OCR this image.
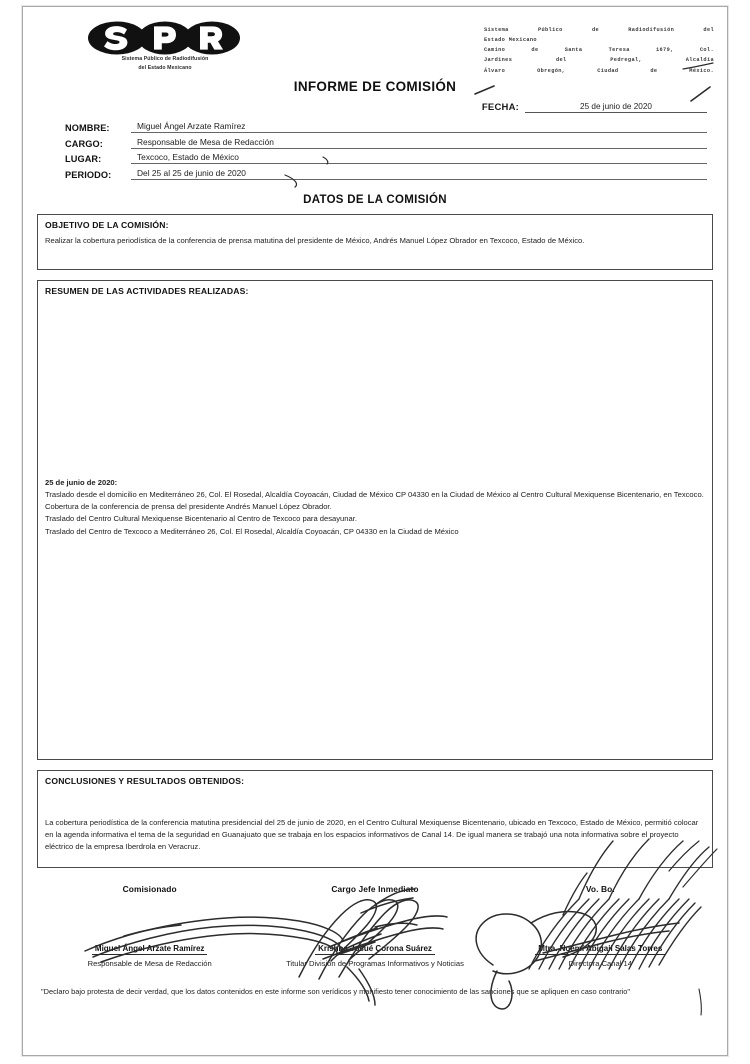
Sistema Público de Radiodifusión
del Estado Mexicano
Sistema Público de Radiodifusión del
Estado Mexicano
Camino de Santa Teresa 1679, Col.
Jardines del Pedregal, Alcaldía
Álvaro Obregón, Ciudad de México.
INFORME DE COMISIÓN
FECHA:	25 de junio de 2020
NOMBRE:	Miguel Ángel Arzate Ramírez
CARGO:	Responsable de Mesa de Redacción
LUGAR:	Texcoco, Estado de México
PERIODO:	Del 25 al 25 de junio de 2020
DATOS DE LA COMISIÓN
OBJETIVO DE LA COMISIÓN:

Realizar la cobertura periodística de la conferencia de prensa matutina del presidente de México, Andrés Manuel López Obrador en Texcoco, Estado de México.

RESUMEN DE LAS ACTIVIDADES REALIZADAS:

25 de junio de 2020:

Traslado desde el domicilio en Mediterráneo 26, Col. El Rosedal, Alcaldía Coyoacán, Ciudad de México CP 04330 en la Ciudad de México al Centro Cultural Mexiquense Bicentenario, en Texcoco.

Cobertura de la conferencia de prensa del presidente Andrés Manuel López Obrador.

Traslado del Centro Cultural Mexiquense Bicentenario al Centro de Texcoco para desayunar.

Traslado del Centro de Texcoco a Mediterráneo 26, Col. El Rosedal, Alcaldía Coyoacán, CP 04330 en la Ciudad de México

CONCLUSIONES Y RESULTADOS OBTENIDOS:

La cobertura periodística de la conferencia matutina presidencial del 25 de junio de 2020, en el Centro Cultural Mexiquense Bicentenario, ubicado en Texcoco, Estado de México, permitió colocar en la agenda informativa el tema de la seguridad en Guanajuato que se trabaja en los espacios informativos de Canal 14. De igual manera se trabajó una nota informativa sobre el proyecto eléctrico de la empresa Iberdrola en Veracruz.

Comisionado
Miguel Ángel Arzate Ramírez
Responsable de Mesa de Redacción
Cargo Jefe Inmediato
Krishna Josué Corona Suárez
Titular División de Programas Informativos y Noticias
Vo. Bo.
Mtra. Noemí Abigail Salas Torres
Directora Canal 14
"Declaro bajo protesta de decir verdad, que los datos contenidos en este informe son verídicos y manifiesto tener conocimiento de las sanciones que se apliquen en caso contrario"
